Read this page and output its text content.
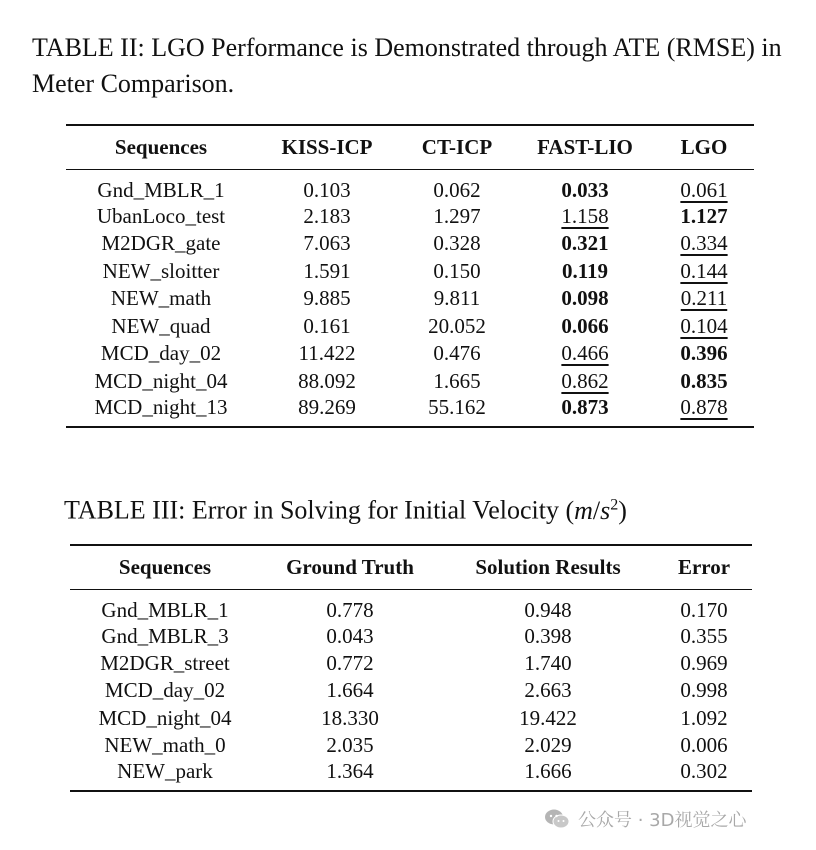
TABLE II: LGO Performance is Demonstrated through ATE (RMSE) in Meter Comparison.
Sequences	KISS-ICP	CT-ICP	FAST-LIO	LGO
Gnd_MBLR_1	0.103	0.062	0.033	0.061
UbanLoco_test	2.183	1.297	1.158	1.127
M2DGR_gate	7.063	0.328	0.321	0.334
NEW_sloitter	1.591	0.150	0.119	0.144
NEW_math	9.885	9.811	0.098	0.211
NEW_quad	0.161	20.052	0.066	0.104
MCD_day_02	11.422	0.476	0.466	0.396
MCD_night_04	88.092	1.665	0.862	0.835
MCD_night_13	89.269	55.162	0.873	0.878
TABLE III: Error in Solving for Initial Velocity $(m/s^2)$
Sequences	Ground Truth	Solution Results	Error
Gnd_MBLR_1	0.778	0.948	0.170
Gnd_MBLR_3	0.043	0.398	0.355
M2DGR_street	0.772	1.740	0.969
MCD_day_02	1.664	2.663	0.998
MCD_night_04	18.330	19.422	1.092
NEW_math_0	2.035	2.029	0.006
NEW_park	1.364	1.666	0.302
公众号 · 3D视觉之心
